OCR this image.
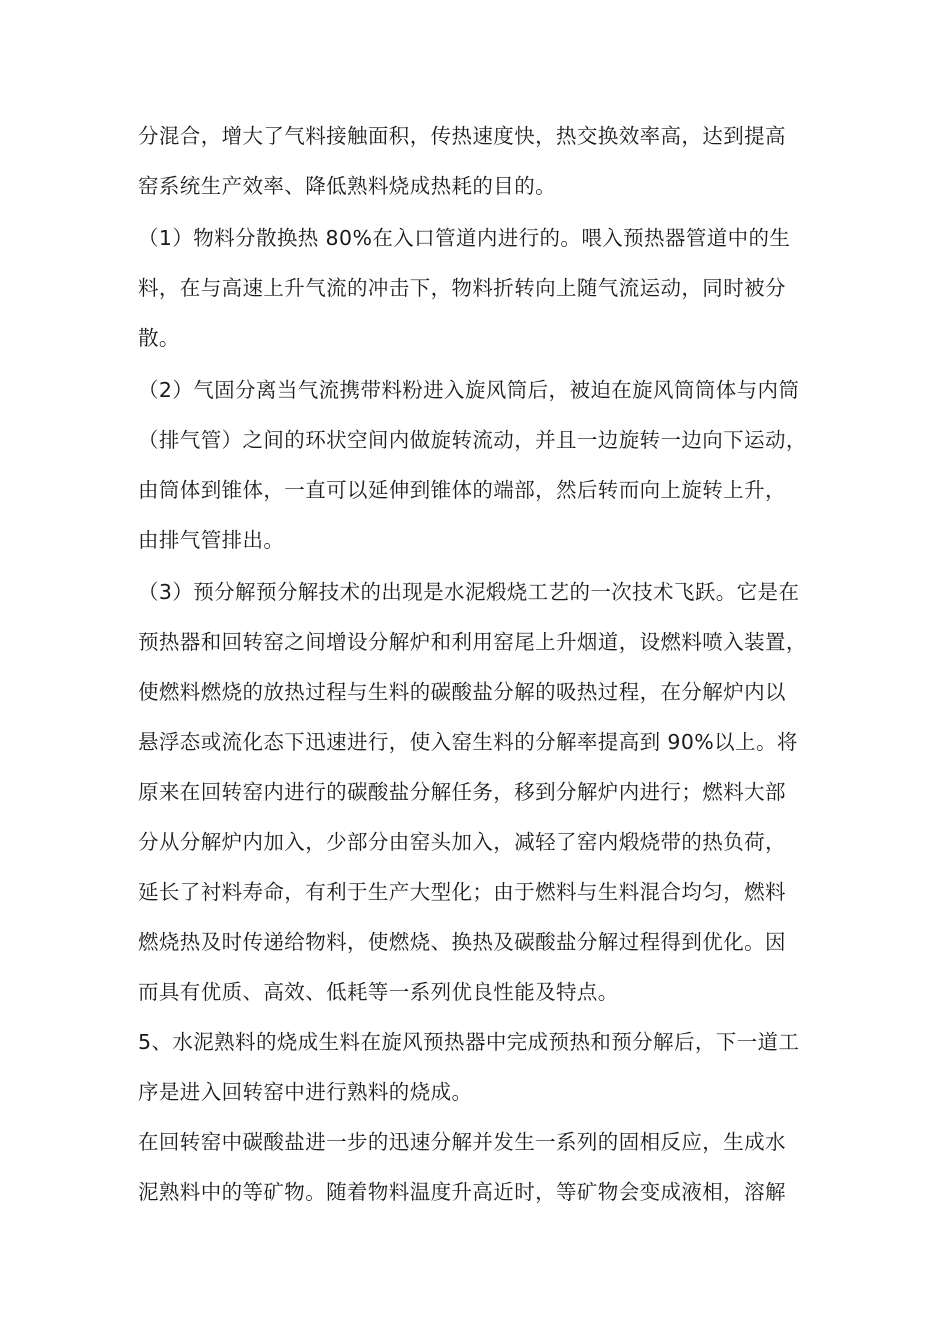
分混合，增大了气料接触面积，传热速度快，热交换效率高，达到提高
窑系统生产效率、降低熟料烧成热耗的目的。
（1）物料分散换热 80%在入口管道内进行的。喂入预热器管道中的生
料，在与高速上升气流的冲击下，物料折转向上随气流运动，同时被分
散。
（2）气固分离当气流携带料粉进入旋风筒后，被迫在旋风筒筒体与内筒
（排气管）之间的环状空间内做旋转流动，并且一边旋转一边向下运动，
由筒体到锥体，一直可以延伸到锥体的端部，然后转而向上旋转上升，
由排气管排出。
（3）预分解预分解技术的出现是水泥煅烧工艺的一次技术飞跃。它是在
预热器和回转窑之间增设分解炉和利用窑尾上升烟道，设燃料喷入装置，
使燃料燃烧的放热过程与生料的碳酸盐分解的吸热过程，在分解炉内以
悬浮态或流化态下迅速进行，使入窑生料的分解率提高到 90%以上。将
原来在回转窑内进行的碳酸盐分解任务，移到分解炉内进行；燃料大部
分从分解炉内加入，少部分由窑头加入，减轻了窑内煅烧带的热负荷，
延长了衬料寿命，有利于生产大型化；由于燃料与生料混合均匀，燃料
燃烧热及时传递给物料，使燃烧、换热及碳酸盐分解过程得到优化。因
而具有优质、高效、低耗等一系列优良性能及特点。
5、水泥熟料的烧成生料在旋风预热器中完成预热和预分解后，下一道工
序是进入回转窑中进行熟料的烧成。
在回转窑中碳酸盐进一步的迅速分解并发生一系列的固相反应，生成水
泥熟料中的等矿物。随着物料温度升高近时，等矿物会变成液相，溶解
